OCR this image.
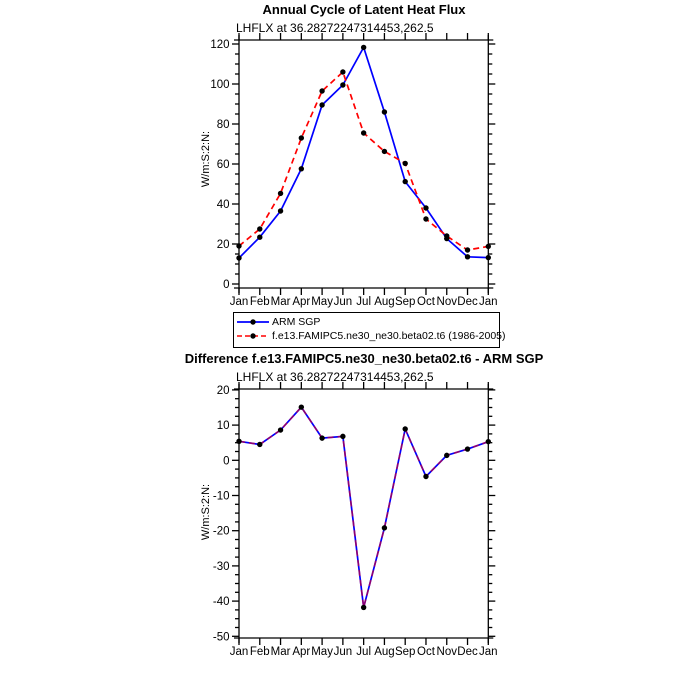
Annual Cycle of Latent Heat Flux
LHFLX at 36.28272247314453,262.5
W/m:S:2:N:
Difference f.e13.FAMIPC5.ne30_ne30.beta02.t6 - ARM SGP
LHFLX at 36.28272247314453,262.5
W/m:S:2:N:
Jan Feb Mar Apr May Jun Jul Aug Sep Oct Nov Dec Jan
0
20
40
60
80
100
120
Jan Feb Mar Apr May Jun Jul Aug Sep Oct Nov Dec Jan
-50
-40
-30
-20
-10
0
10
20
ARM SGP
f.e13.FAMIPC5.ne30_ne30.beta02.t6 (1986-2005)
